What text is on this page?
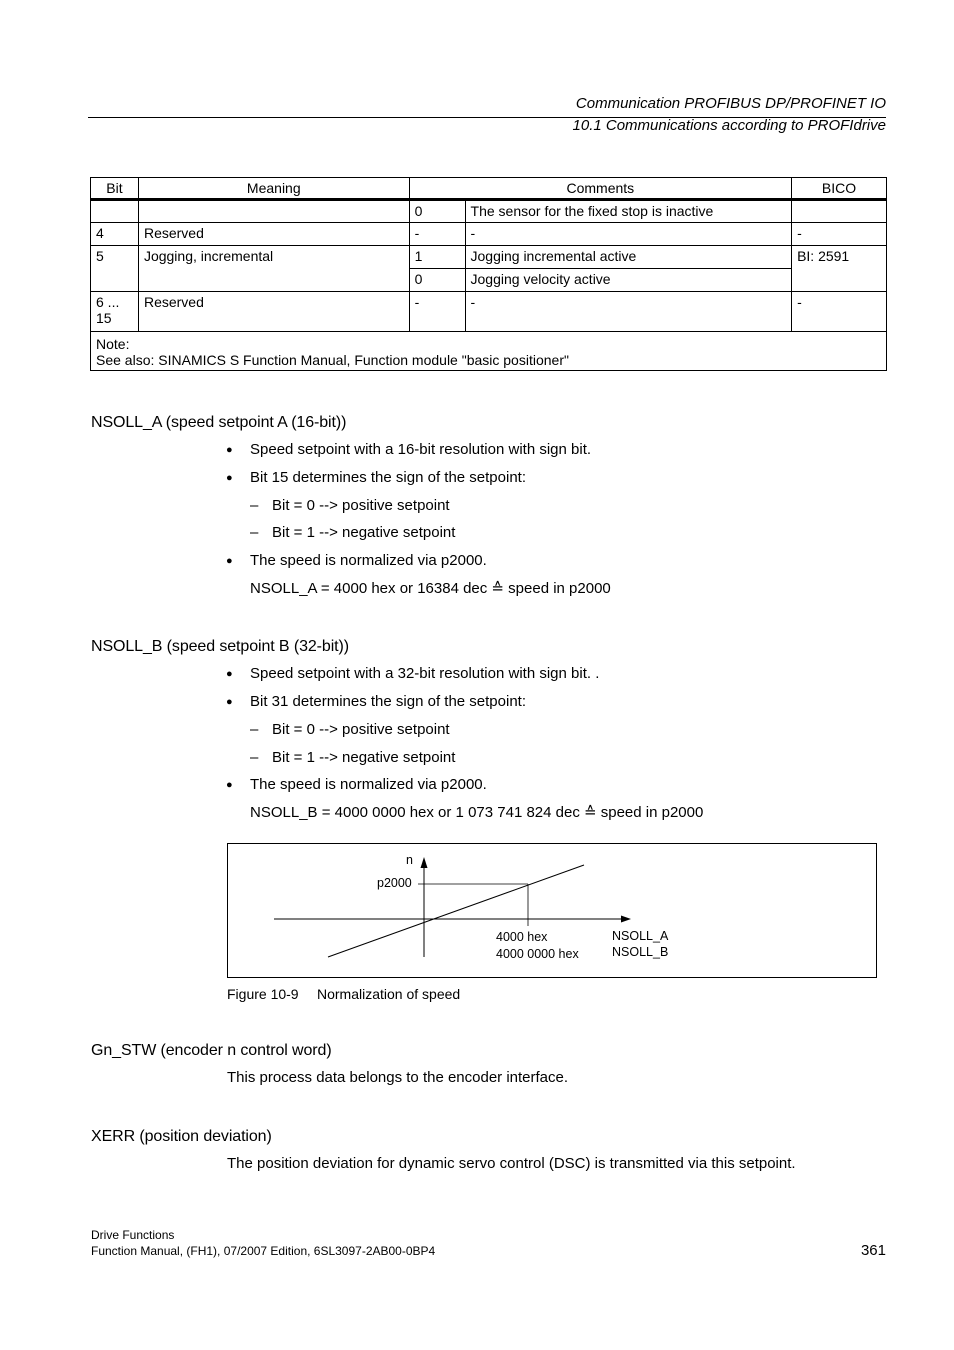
Communication PROFIBUS DP/PROFINET IO
10.1 Communications according to PROFIdrive
Bit	Meaning	Comments		BICO
		0	The sensor for the fixed stop is inactive	
4	Reserved	-	-	-
5	Jogging, incremental	1	Jogging incremental active	BI: 2591
		0	Jogging velocity active	
6 ...
15	Reserved	-	-	-
Note:
See also: SINAMICS S Function Manual, Function module "basic positioner"				
NSOLL_A (speed setpoint A (16-bit))
● Speed setpoint with a 16-bit resolution with sign bit.
● Bit 15 determines the sign of the setpoint:
– Bit = 0 --> positive setpoint
– Bit = 1 --> negative setpoint
● The speed is normalized via p2000.
NSOLL_A = 4000 hex or 16384 dec ≙ speed in p2000
NSOLL_B (speed setpoint B (32-bit))
● Speed setpoint with a 32-bit resolution with sign bit. .
● Bit 31 determines the sign of the setpoint:
– Bit = 0 --> positive setpoint
– Bit = 1 --> negative setpoint
● The speed is normalized via p2000.
NSOLL_B = 4000 0000 hex or 1 073 741 824 dec ≙ speed in p2000
n
p2000
4000 hex
4000 0000 hex
NSOLL_A
NSOLL_B
Figure 10-9 Normalization of speed
Gn_STW (encoder n control word)
This process data belongs to the encoder interface.
XERR (position deviation)
The position deviation for dynamic servo control (DSC) is transmitted via this setpoint.
Drive Functions
Function Manual, (FH1), 07/2007 Edition, 6SL3097-2AB00-0BP4	361
